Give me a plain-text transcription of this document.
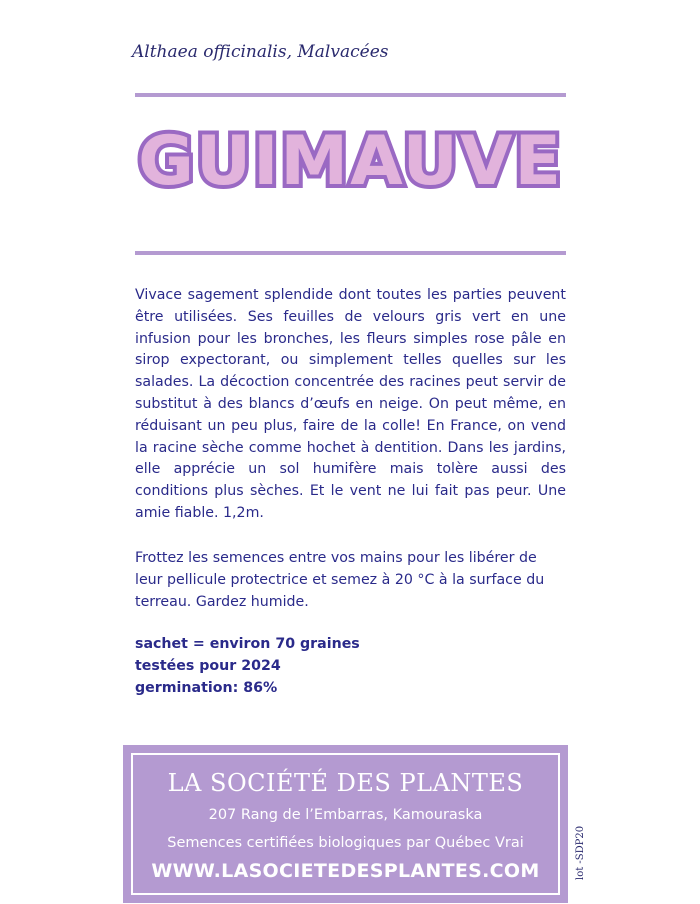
Althaea officinalis, Malvacées
GUIMAUVE
Vivace sagement splendide dont toutes les parties peuvent être utilisées. Ses feuilles de velours gris vert en une infusion pour les bronches, les fleurs simples rose pâle en sirop expectorant, ou simplement telles quelles sur les salades. La décoction concentrée des racines peut servir de substitut à des blancs d’œufs en neige. On peut même, en réduisant un peu plus, faire de la colle! En France, on vend la racine sèche comme hochet à dentition. Dans les jardins, elle apprécie un sol humifère mais tolère aussi des conditions plus sèches. Et le vent ne lui fait pas peur. Une amie fiable. 1,2m.
Frottez les semences entre vos mains pour les libérer de leur pellicule protectrice et semez à 20 °C à la surface du terreau. Gardez humide.
sachet = environ 70 graines
testées pour 2024
germination: 86%
LA SOCIÉTÉ DES PLANTES
207 Rang de l’Embarras, Kamouraska
Semences certifiées biologiques par Québec Vrai
WWW.LASOCIETEDESPLANTES.COM	lot -SDP20
